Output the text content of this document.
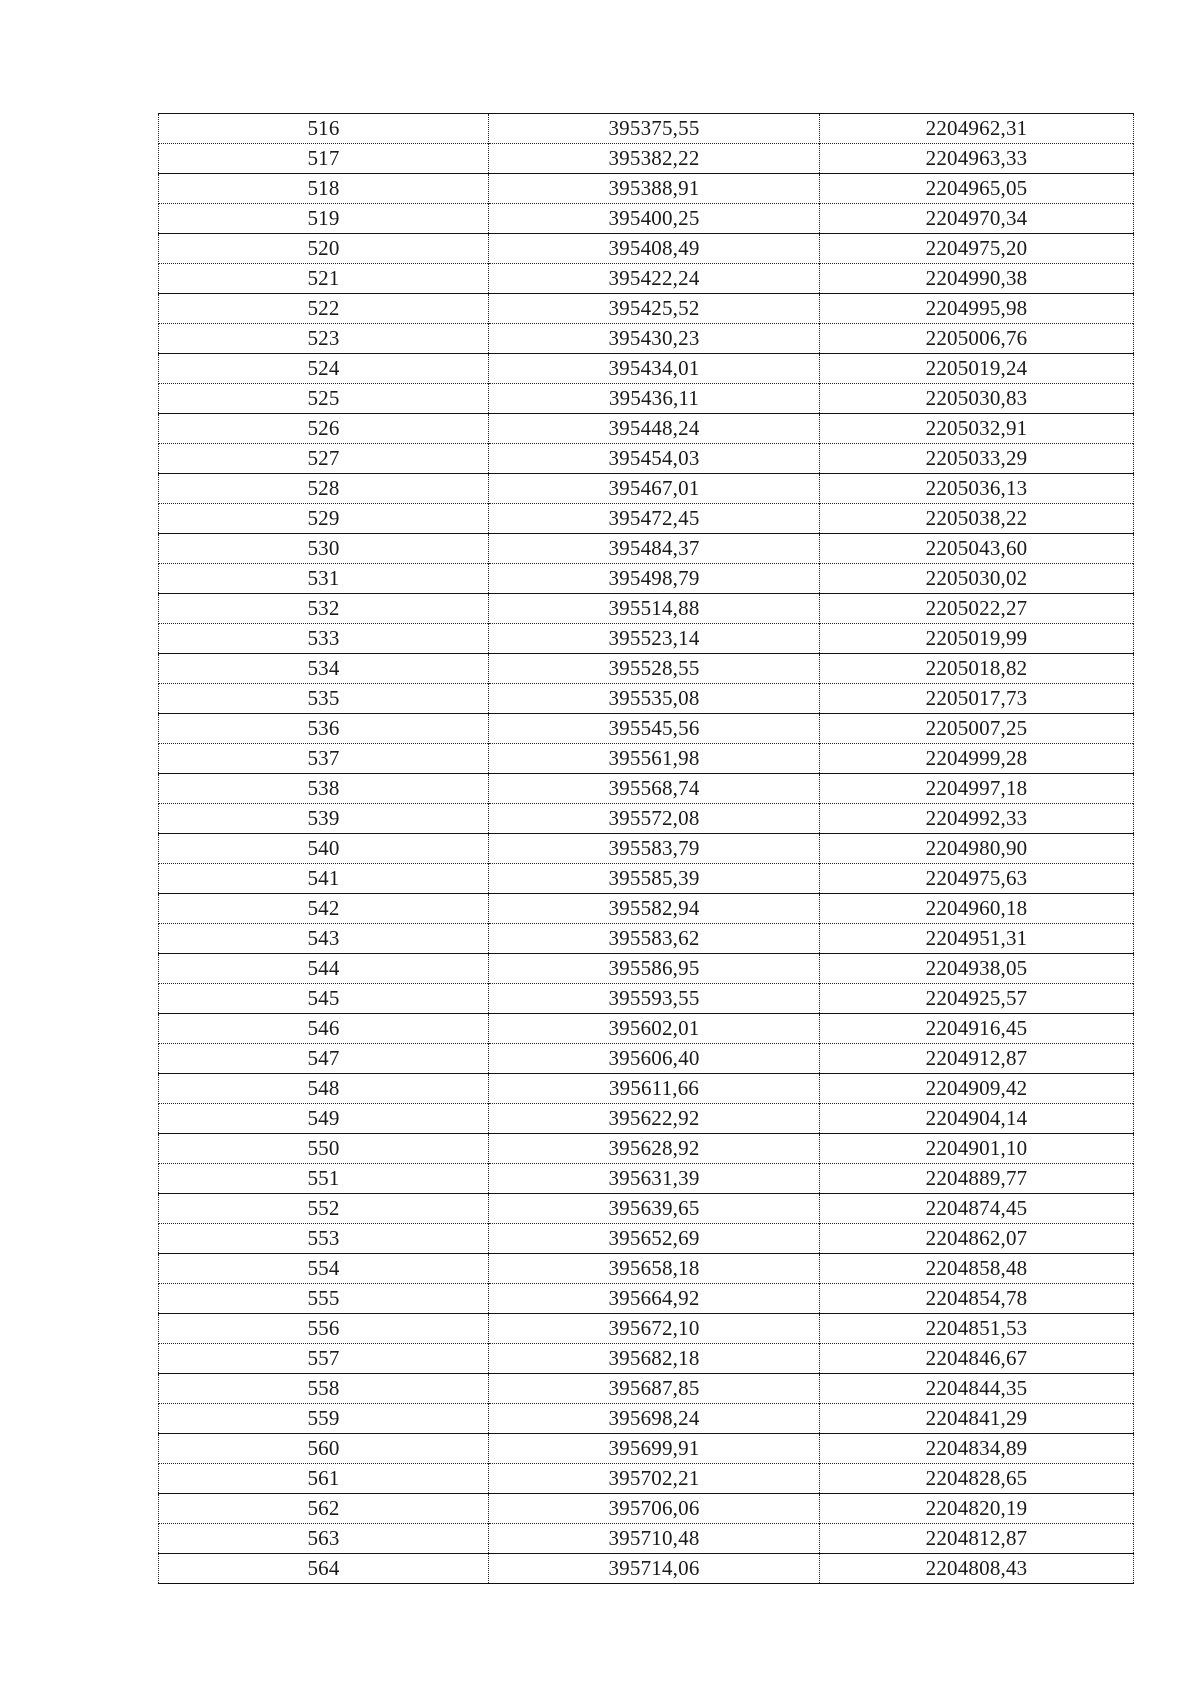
516	395375,55	2204962,31
517	395382,22	2204963,33
518	395388,91	2204965,05
519	395400,25	2204970,34
520	395408,49	2204975,20
521	395422,24	2204990,38
522	395425,52	2204995,98
523	395430,23	2205006,76
524	395434,01	2205019,24
525	395436,11	2205030,83
526	395448,24	2205032,91
527	395454,03	2205033,29
528	395467,01	2205036,13
529	395472,45	2205038,22
530	395484,37	2205043,60
531	395498,79	2205030,02
532	395514,88	2205022,27
533	395523,14	2205019,99
534	395528,55	2205018,82
535	395535,08	2205017,73
536	395545,56	2205007,25
537	395561,98	2204999,28
538	395568,74	2204997,18
539	395572,08	2204992,33
540	395583,79	2204980,90
541	395585,39	2204975,63
542	395582,94	2204960,18
543	395583,62	2204951,31
544	395586,95	2204938,05
545	395593,55	2204925,57
546	395602,01	2204916,45
547	395606,40	2204912,87
548	395611,66	2204909,42
549	395622,92	2204904,14
550	395628,92	2204901,10
551	395631,39	2204889,77
552	395639,65	2204874,45
553	395652,69	2204862,07
554	395658,18	2204858,48
555	395664,92	2204854,78
556	395672,10	2204851,53
557	395682,18	2204846,67
558	395687,85	2204844,35
559	395698,24	2204841,29
560	395699,91	2204834,89
561	395702,21	2204828,65
562	395706,06	2204820,19
563	395710,48	2204812,87
564	395714,06	2204808,43
